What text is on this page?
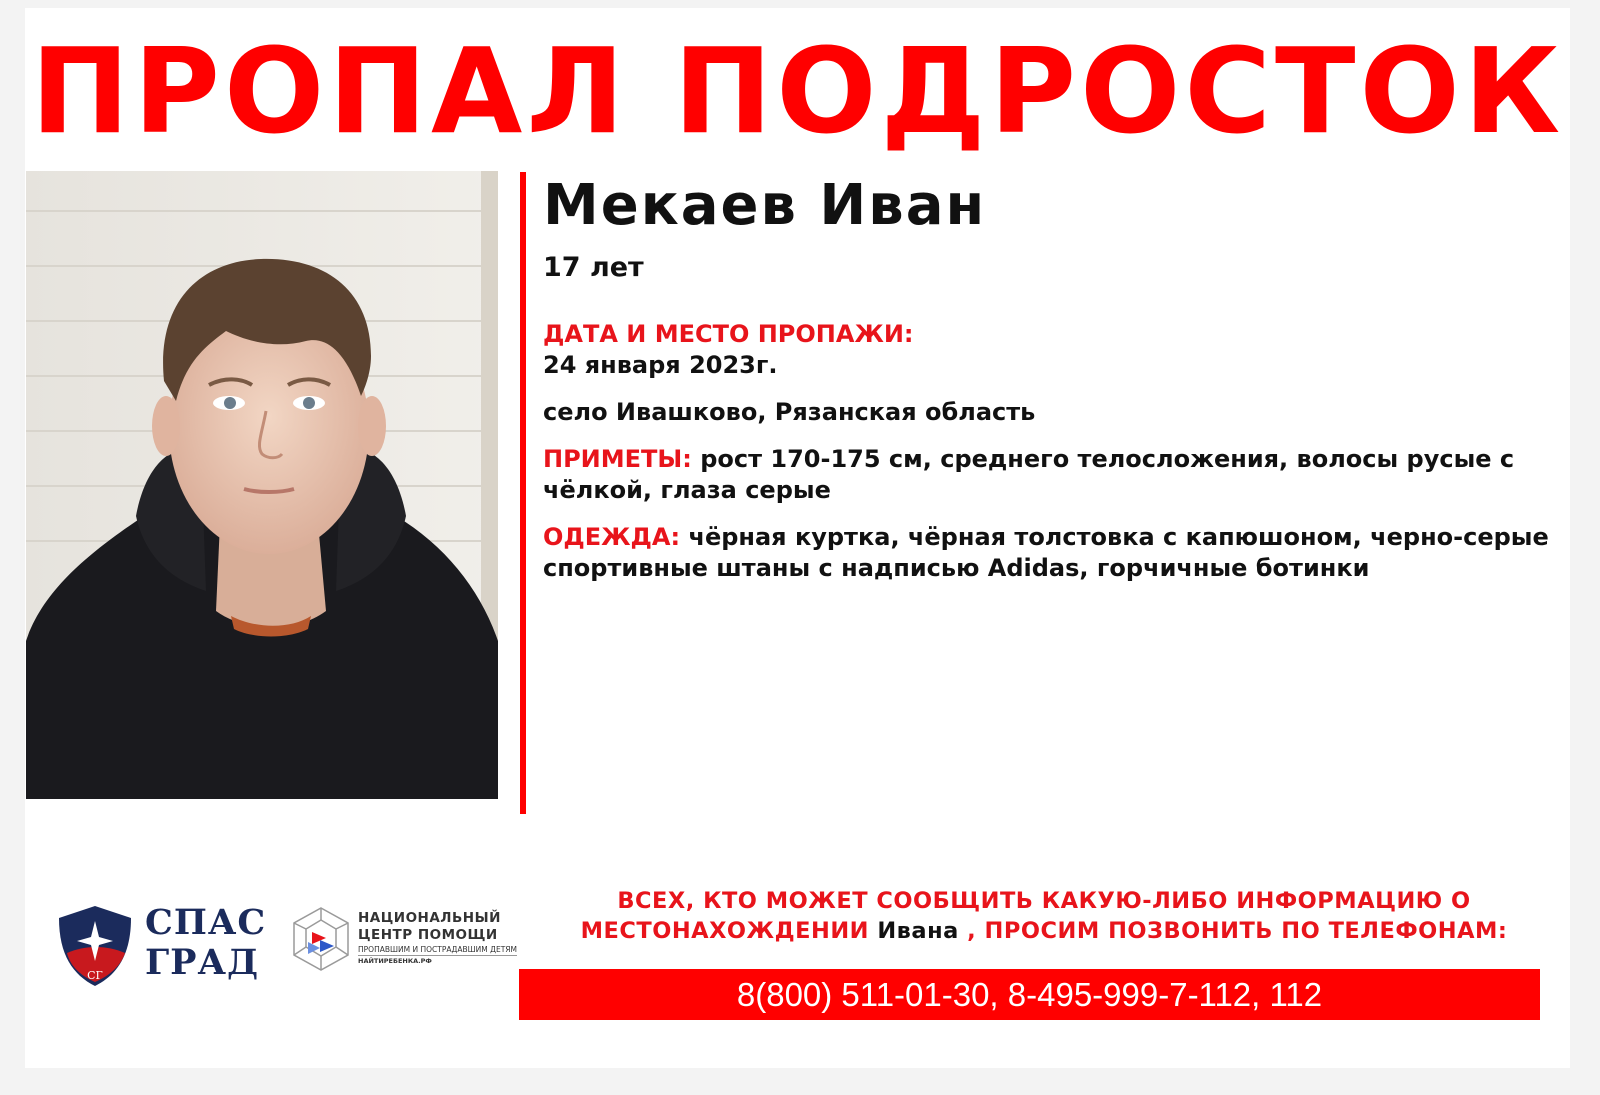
ПРОПАЛ ПОДРОСТОК
Мекаев Иван
17 лет
ДАТА И МЕСТО ПРОПАЖИ:
24 января 2023г.
село Ивашково, Рязанская область
ПРИМЕТЫ: рост 170-175 см, среднего телосложения, волосы русые с чёлкой, глаза серые
ОДЕЖДА: чёрная куртка, чёрная толстовка с капюшоном, черно-серые спортивные штаны с надписью Adidas, горчичные ботинки
СГ
СПАС
ГРАД
НАЦИОНАЛЬНЫЙ
ЦЕНТР ПОМОЩИ
ПРОПАВШИМ И ПОСТРАДАВШИМ ДЕТЯМ
НАЙТИРЕБЕНКА.РФ
ВСЕХ, КТО МОЖЕТ СООБЩИТЬ КАКУЮ-ЛИБО ИНФОРМАЦИЮ О
МЕСТОНАХОЖДЕНИИ Ивана , ПРОСИМ ПОЗВОНИТЬ ПО ТЕЛЕФОНАМ:
8(800) 511-01-30, 8-495-999-7-112, 112
